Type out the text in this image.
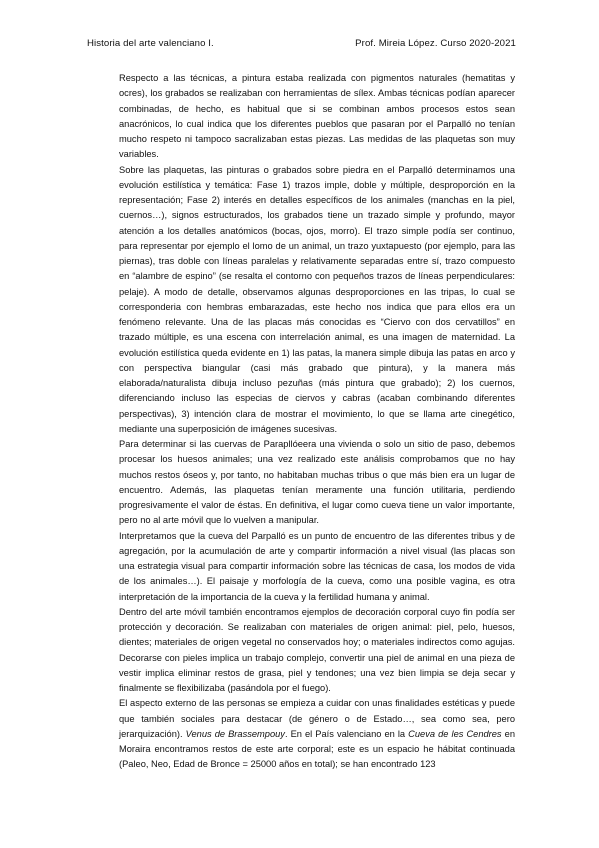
Historia del arte valenciano I.	Prof. Mireia López. Curso 2020-2021

Respecto a las técnicas, a pintura estaba realizada con pigmentos naturales (hematitas y ocres), los grabados se realizaban con herramientas de sílex. Ambas técnicas podían aparecer combinadas, de hecho, es habitual que si se combinan ambos procesos estos sean anacrónicos, lo cual indica que los diferentes pueblos que pasaran por el Parpalló no tenían mucho respeto ni tampoco sacralizaban estas piezas. Las medidas de las plaquetas son muy variables.

Sobre las plaquetas, las pinturas o grabados sobre piedra en el Parpalló determinamos una evolución estilística y temática: Fase 1) trazos imple, doble y múltiple, desproporción en la representación; Fase 2) interés en detalles específicos de los animales (manchas en la piel, cuernos…), signos estructurados, los grabados tiene un trazado simple y profundo, mayor atención a los detalles anatómicos (bocas, ojos, morro). El trazo simple podía ser continuo, para representar por ejemplo el lomo de un animal, un trazo yuxtapuesto (por ejemplo, para las piernas), tras doble con líneas paralelas y relativamente separadas entre sí, trazo compuesto en “alambre de espino” (se resalta el contorno con pequeños trazos de líneas perpendiculares: pelaje). A modo de detalle, observamos algunas desproporciones en las tripas, lo cual se corresponderia con hembras embarazadas, este hecho nos indica que para ellos era un fenómeno relevante. Una de las placas más conocidas es “Ciervo con dos cervatillos” en trazado múltiple, es una escena con interrelación animal, es una imagen de maternidad. La evolución estilística queda evidente en 1) las patas, la manera simple dibuja las patas en arco y con perspectiva biangular (casi más grabado que pintura), y la manera más elaborada/naturalista dibuja incluso pezuñas (más pintura que grabado); 2) los cuernos, diferenciando incluso las especias de ciervos y cabras (acaban combinando diferentes perspectivas), 3) intención clara de mostrar el movimiento, lo que se llama arte cinegético, mediante una superposición de imágenes sucesivas.

Para determinar si las cuervas de Parapllóeera una vivienda o solo un sitio de paso, debemos procesar los huesos animales; una vez realizado este análisis comprobamos que no hay muchos restos óseos y, por tanto, no habitaban muchas tribus o que más bien era un lugar de encuentro. Además, las plaquetas tenían meramente una función utilitaria, perdiendo progresivamente el valor de éstas. En definitiva, el lugar como cueva tiene un valor importante, pero no al arte móvil que lo vuelven a manipular.

Interpretamos que la cueva del Parpalló es un punto de encuentro de las diferentes tribus y de agregación, por la acumulación de arte y compartir información a nivel visual (las placas son una estrategia visual para compartir información sobre las técnicas de casa, los modos de vida de los animales…). El paisaje y morfología de la cueva, como una posible vagina, es otra interpretación de la importancia de la cueva y la fertilidad humana y animal.

Dentro del arte móvil también encontramos ejemplos de decoración corporal cuyo fin podía ser protección y decoración. Se realizaban con materiales de origen animal: piel, pelo, huesos, dientes; materiales de origen vegetal no conservados hoy; o materiales indirectos como agujas. Decorarse con pieles implica un trabajo complejo, convertir una piel de animal en una pieza de vestir implica eliminar restos de grasa, piel y tendones; una vez bien limpia se deja secar y finalmente se flexibilizaba (pasándola por el fuego).

El aspecto externo de las personas se empieza a cuidar con unas finalidades estéticas y puede que también sociales para destacar (de género o de Estado…, sea como sea, pero jerarquización). Venus de Brassempouy. En el País valenciano en la Cueva de les Cendres en Moraira encontramos restos de este arte corporal; este es un espacio he hábitat continuada (Paleo, Neo, Edad de Bronce = 25000 años en total); se han encontrado 123
